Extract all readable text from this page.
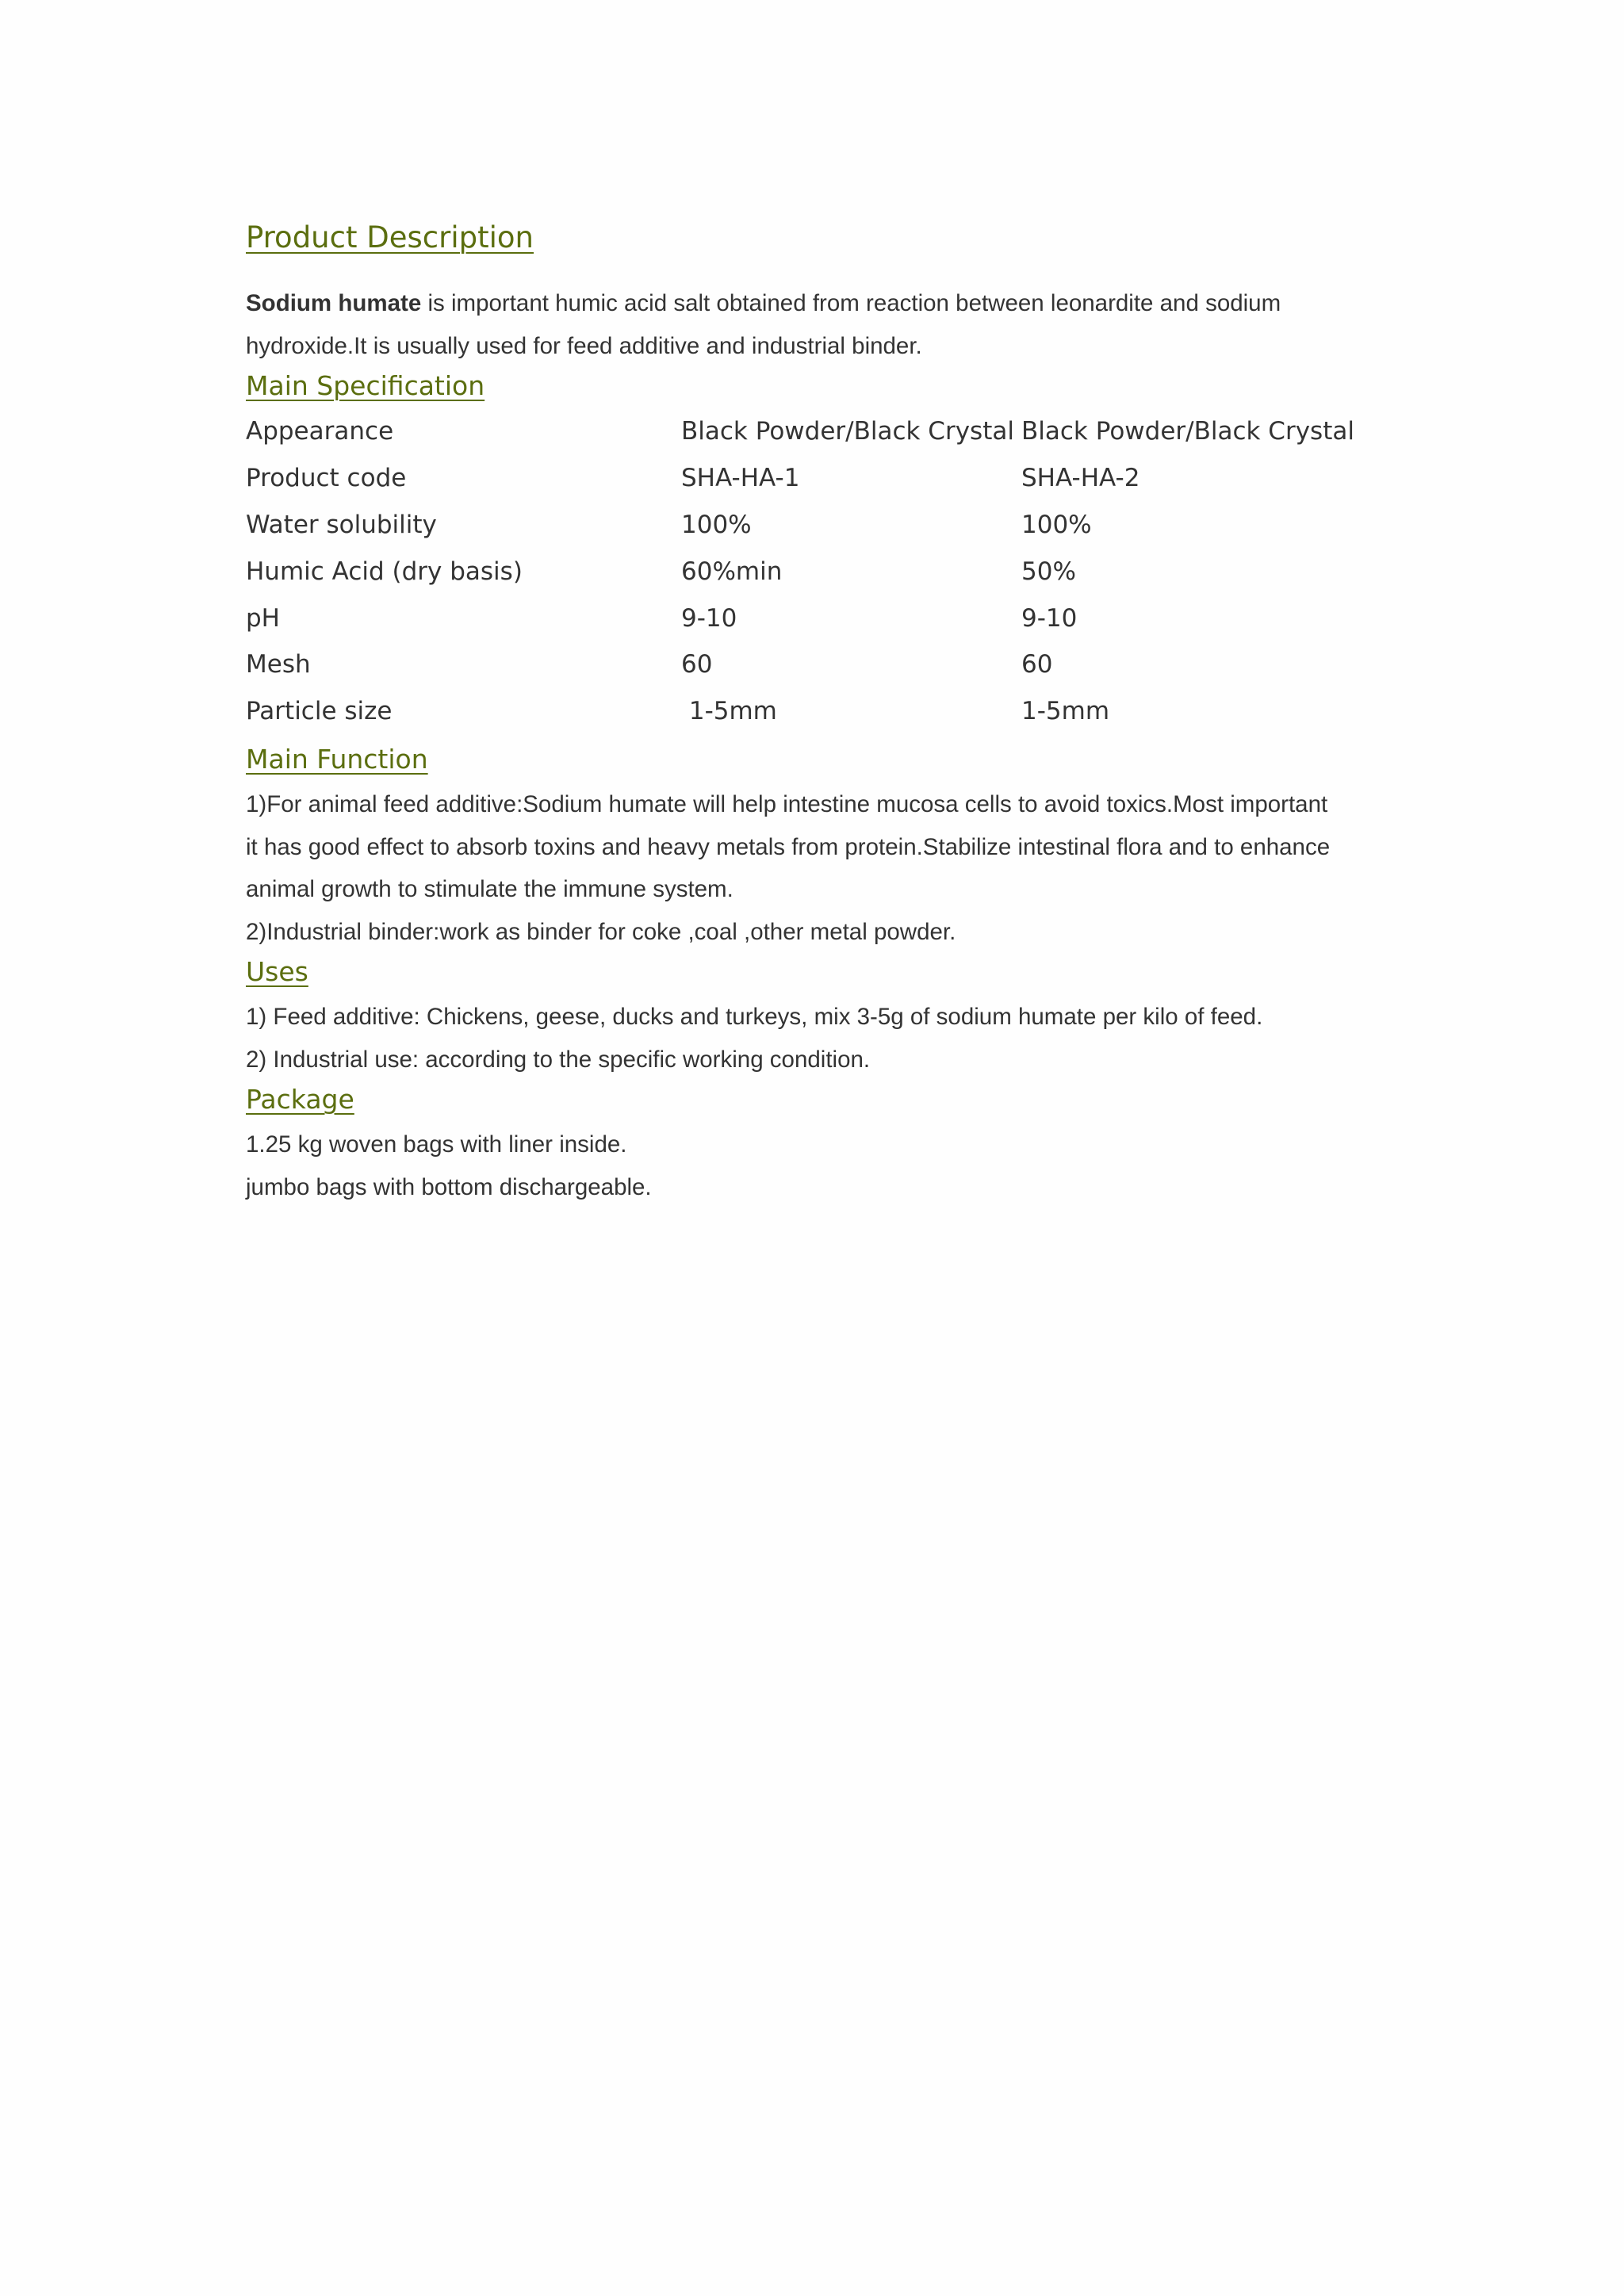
Product Description
Sodium humate is important humic acid salt obtained from reaction between leonardite and sodium
hydroxide.It is usually used for feed additive and industrial binder.
Main Specification
Appearance	Black Powder/Black Crystal Black Powder/Black Crystal
Product code	SHA-HA-1	SHA-HA-2
Water solubility	100%	100%
Humic Acid (dry basis)	60%min	50%
pH	9-10	9-10
Mesh	60	60
Particle size	1-5mm	1-5mm
Main Function
1)For animal feed additive:Sodium humate will help intestine mucosa cells to avoid toxics.Most important
it has good effect to absorb toxins and heavy metals from protein.Stabilize intestinal flora and to enhance
animal growth to stimulate the immune system.
2)Industrial binder:work as binder for coke ,coal ,other metal powder.
Uses
1) Feed additive: Chickens, geese, ducks and turkeys, mix 3-5g of sodium humate per kilo of feed.
2) Industrial use: according to the specific working condition.
Package
1.25 kg woven bags with liner inside.
jumbo bags with bottom dischargeable.
